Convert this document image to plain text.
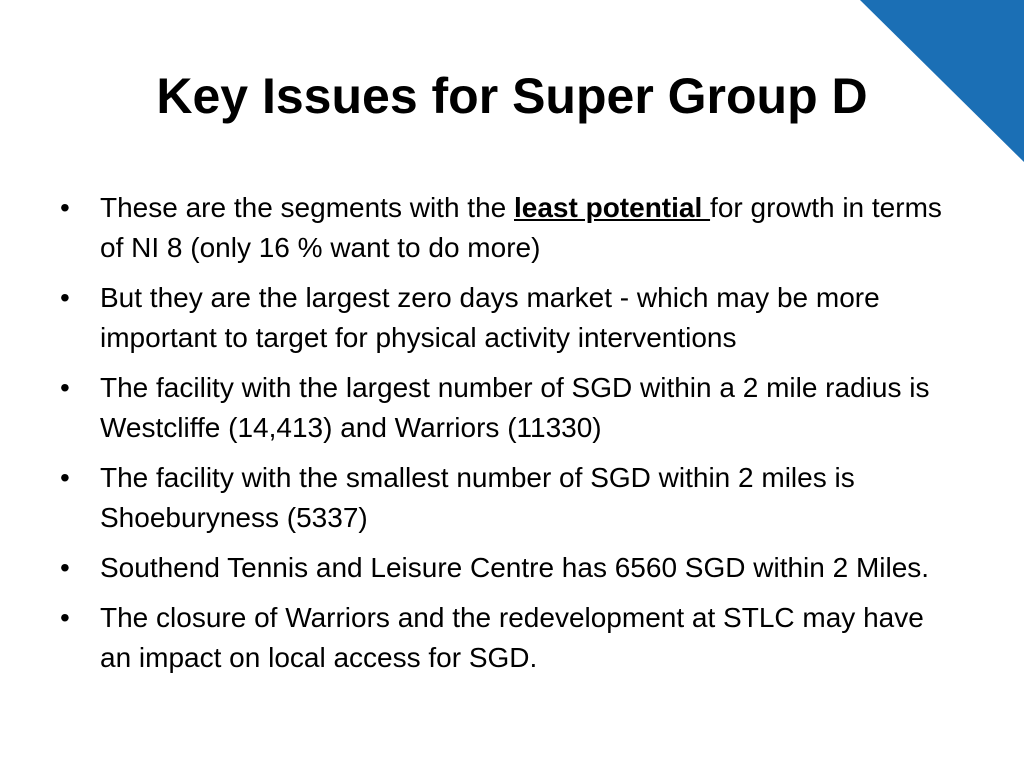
Key Issues for Super Group D
•	These are the segments with the least potential for growth in terms of NI 8 (only 16 % want to do more)
•	But they are the largest zero days market - which may be more important to target for physical activity interventions
•	The facility with the largest number of SGD within a 2 mile radius is Westcliffe (14,413) and Warriors (11330)
•	The facility with the smallest number of SGD within 2 miles is  Shoeburyness (5337)
•	Southend Tennis and Leisure Centre has 6560 SGD within 2 Miles.
•	The closure of Warriors and the redevelopment at STLC may have an impact on local access for SGD.
